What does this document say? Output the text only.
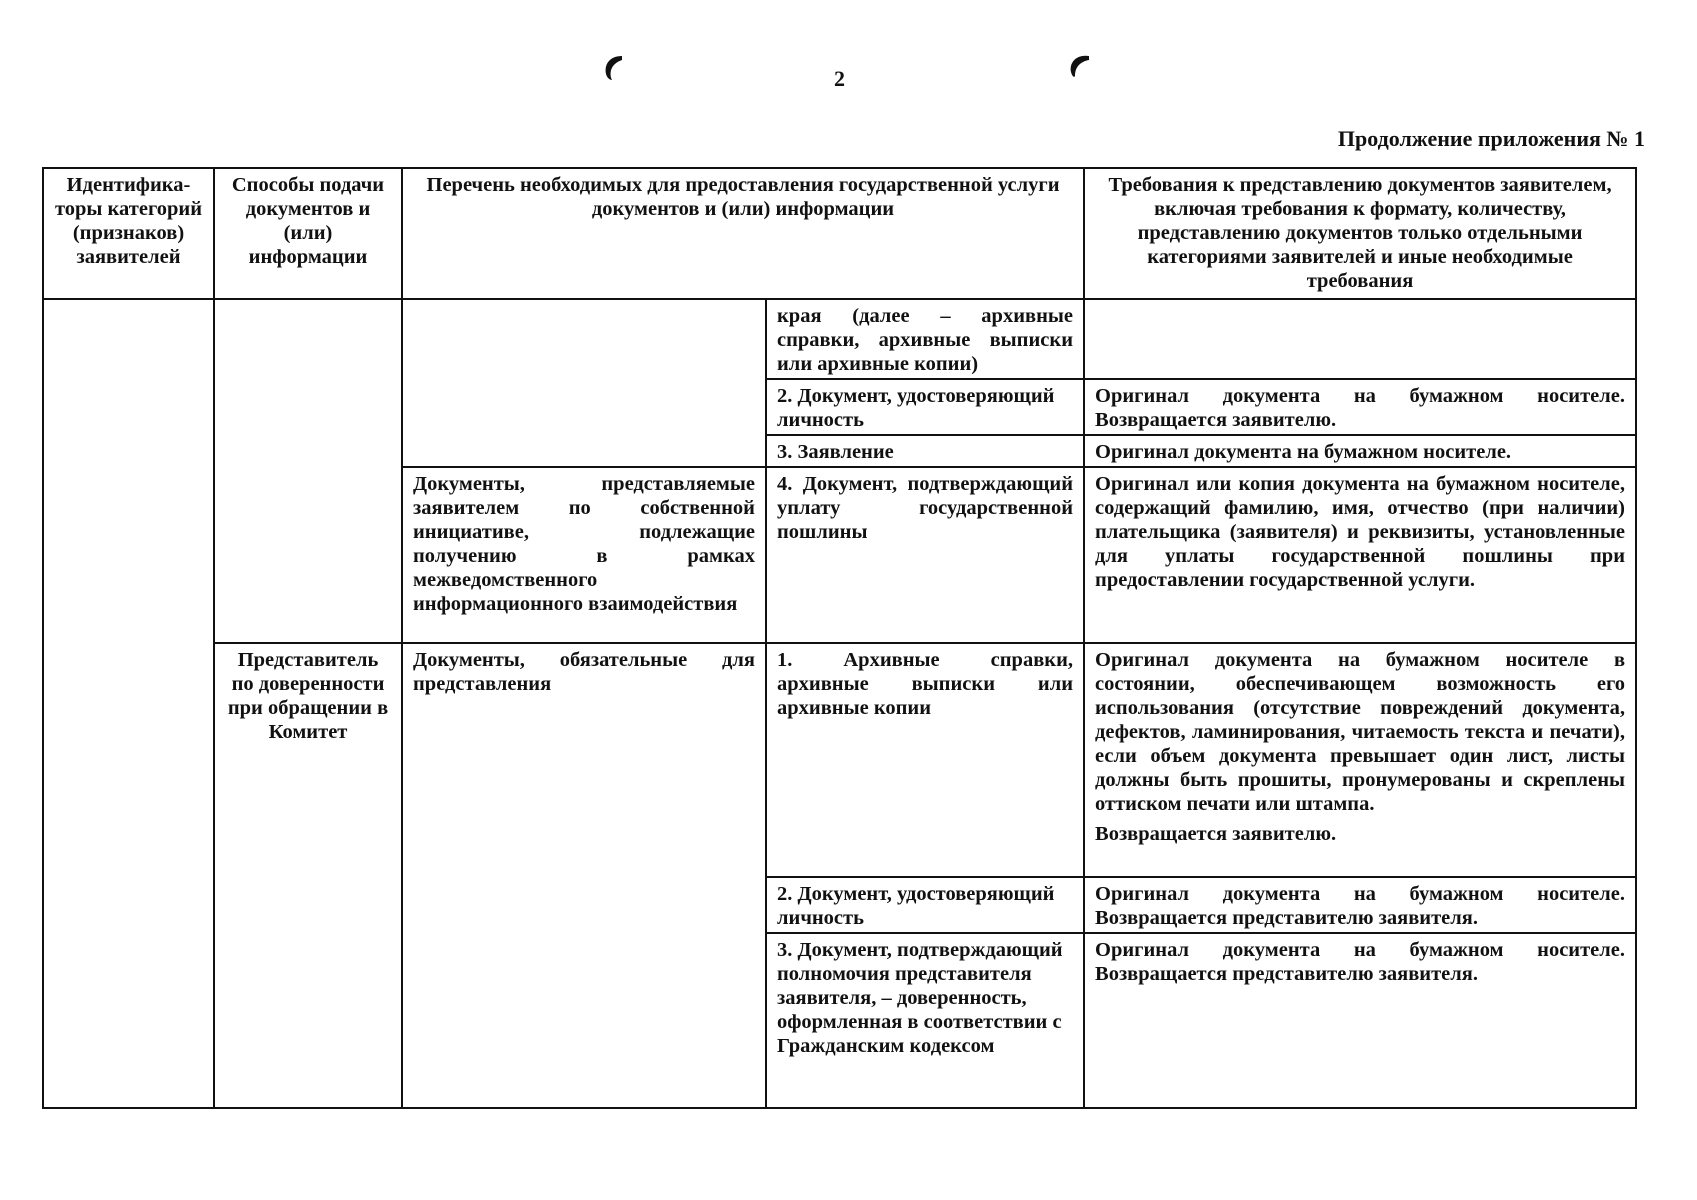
2
Продолжение приложения № 1
Идентифика-торы категорий (признаков) заявителей	Способы подачи документов и (или) информации	Перечень необходимых для предоставления государственной услуги документов и (или) информации		Требования к представлению документов заявителем, включая требования к формату, количеству, представлению документов только отдельными категориями заявителей и иные необходимые требования
			края (далее – архивные справки, архивные выписки или архивные копии)	
			2. Документ, удостоверяющий личность	Оригинал документа на бумажном носителе. Возвращается заявителю.
			3. Заявление	Оригинал документа на бумажном носителе.
		Документы, представляемые заявителем по собственной инициативе, подлежащие получению в рамках межведомственного информационного взаимодействия	4. Документ, подтверждающий уплату государственной пошлины	Оригинал или копия документа на бумажном носителе, содержащий фамилию, имя, отчество (при наличии) плательщика (заявителя) и реквизиты, установленные для уплаты государственной пошлины при предоставлении государственной услуги.
	Представитель по доверенности при обращении в Комитет	Документы, обязательные для представления	1. Архивные справки, архивные выписки или архивные копии	Оригинал документа на бумажном носителе в состоянии, обеспечивающем возможность его использования (отсутствие повреждений документа, дефектов, ламинирования, читаемость текста и печати), если объем документа превышает один лист, листы должны быть прошиты, пронумерованы и скреплены оттиском печати или штампа.
Возвращается заявителю.

			2. Документ, удостоверяющий личность	Оригинал документа на бумажном носителе. Возвращается представителю заявителя.
			3. Документ, подтверждающий полномочия представителя заявителя, – доверенность, оформленная в соответствии с Гражданским кодексом	Оригинал документа на бумажном носителе. Возвращается представителю заявителя.
